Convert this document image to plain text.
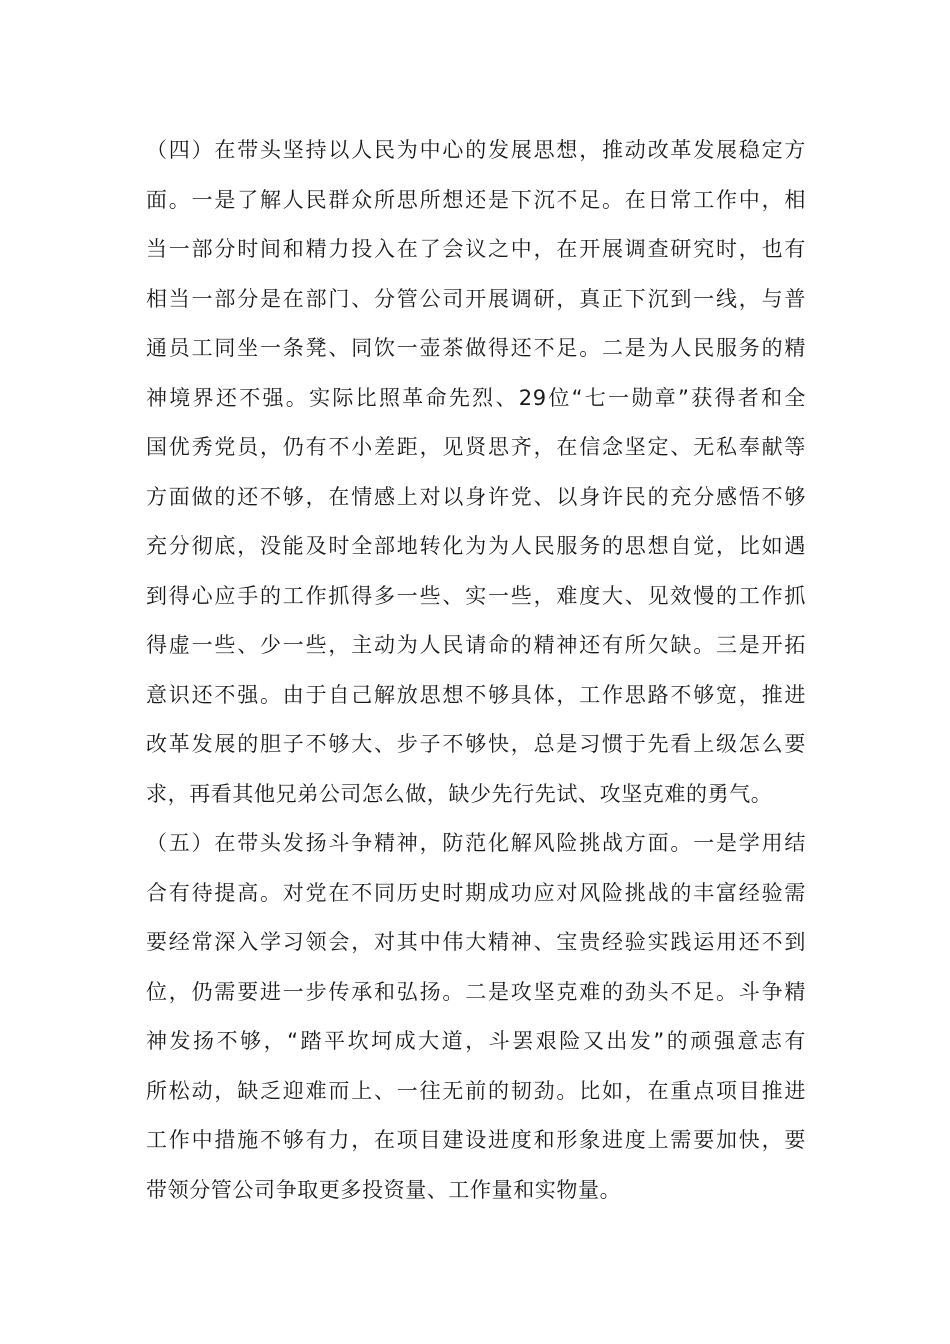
（四）在带头坚持以人民为中心的发展思想，推动改革发展稳定方
面。一是了解人民群众所思所想还是下沉不足。在日常工作中，相
当一部分时间和精力投入在了会议之中，在开展调查研究时，也有
相当一部分是在部门、分管公司开展调研，真正下沉到一线，与普
通员工同坐一条凳、同饮一壶茶做得还不足。二是为人民服务的精
神境界还不强。实际比照革命先烈、29位“七一勋章”获得者和全
国优秀党员，仍有不小差距，见贤思齐，在信念坚定、无私奉献等
方面做的还不够，在情感上对以身许党、以身许民的充分感悟不够
充分彻底，没能及时全部地转化为为人民服务的思想自觉，比如遇
到得心应手的工作抓得多一些、实一些，难度大、见效慢的工作抓
得虚一些、少一些，主动为人民请命的精神还有所欠缺。三是开拓
意识还不强。由于自己解放思想不够具体，工作思路不够宽，推进
改革发展的胆子不够大、步子不够快，总是习惯于先看上级怎么要
求，再看其他兄弟公司怎么做，缺少先行先试、攻坚克难的勇气。
（五）在带头发扬斗争精神，防范化解风险挑战方面。一是学用结
合有待提高。对党在不同历史时期成功应对风险挑战的丰富经验需
要经常深入学习领会，对其中伟大精神、宝贵经验实践运用还不到
位，仍需要进一步传承和弘扬。二是攻坚克难的劲头不足。斗争精
神发扬不够，“踏平坎坷成大道，斗罢艰险又出发”的顽强意志有
所松动，缺乏迎难而上、一往无前的韧劲。比如，在重点项目推进
工作中措施不够有力，在项目建设进度和形象进度上需要加快，要
带领分管公司争取更多投资量、工作量和实物量。
